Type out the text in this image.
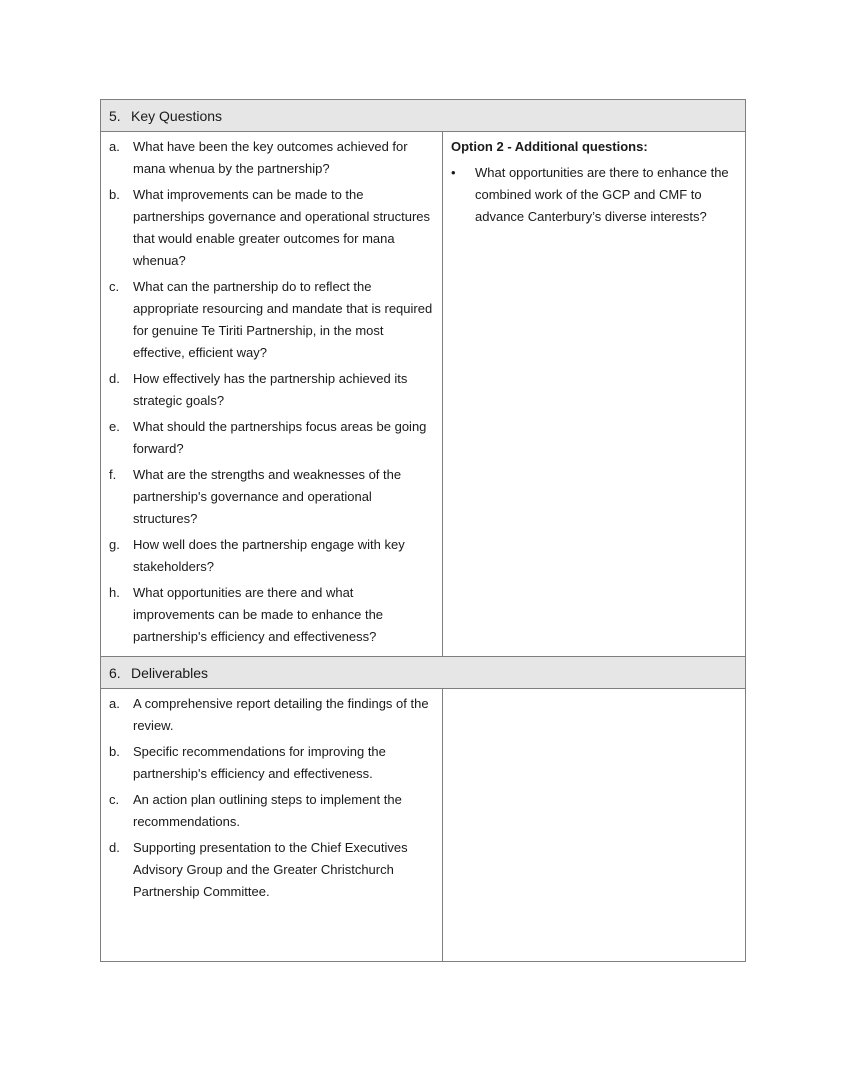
5. Key Questions
a.	What have been the key outcomes achieved for mana whenua by the partnership?
b.	What improvements can be made to the partnerships governance and operational structures that would enable greater outcomes for mana whenua?
c.	What can the partnership do to reflect the appropriate resourcing and mandate that is required for genuine Te Tiriti Partnership, in the most effective, efficient way?
d.	How effectively has the partnership achieved its strategic goals?
e.	What should the partnerships focus areas be going forward?
f.	What are the strengths and weaknesses of the partnership's governance and operational structures?
g.	How well does the partnership engage with key stakeholders?
h.	What opportunities are there and what improvements can be made to enhance the partnership's efficiency and effectiveness?

Option 2 - Additional questions:

•	What opportunities are there to enhance the combined work of the GCP and CMF to advance Canterbury’s diverse interests?
6. Deliverables
a.	A comprehensive report detailing the findings of the review.
b.	Specific recommendations for improving the partnership's efficiency and effectiveness.
c.	An action plan outlining steps to implement the recommendations.
d.	Supporting presentation to the Chief Executives Advisory Group and the Greater Christchurch Partnership Committee.
